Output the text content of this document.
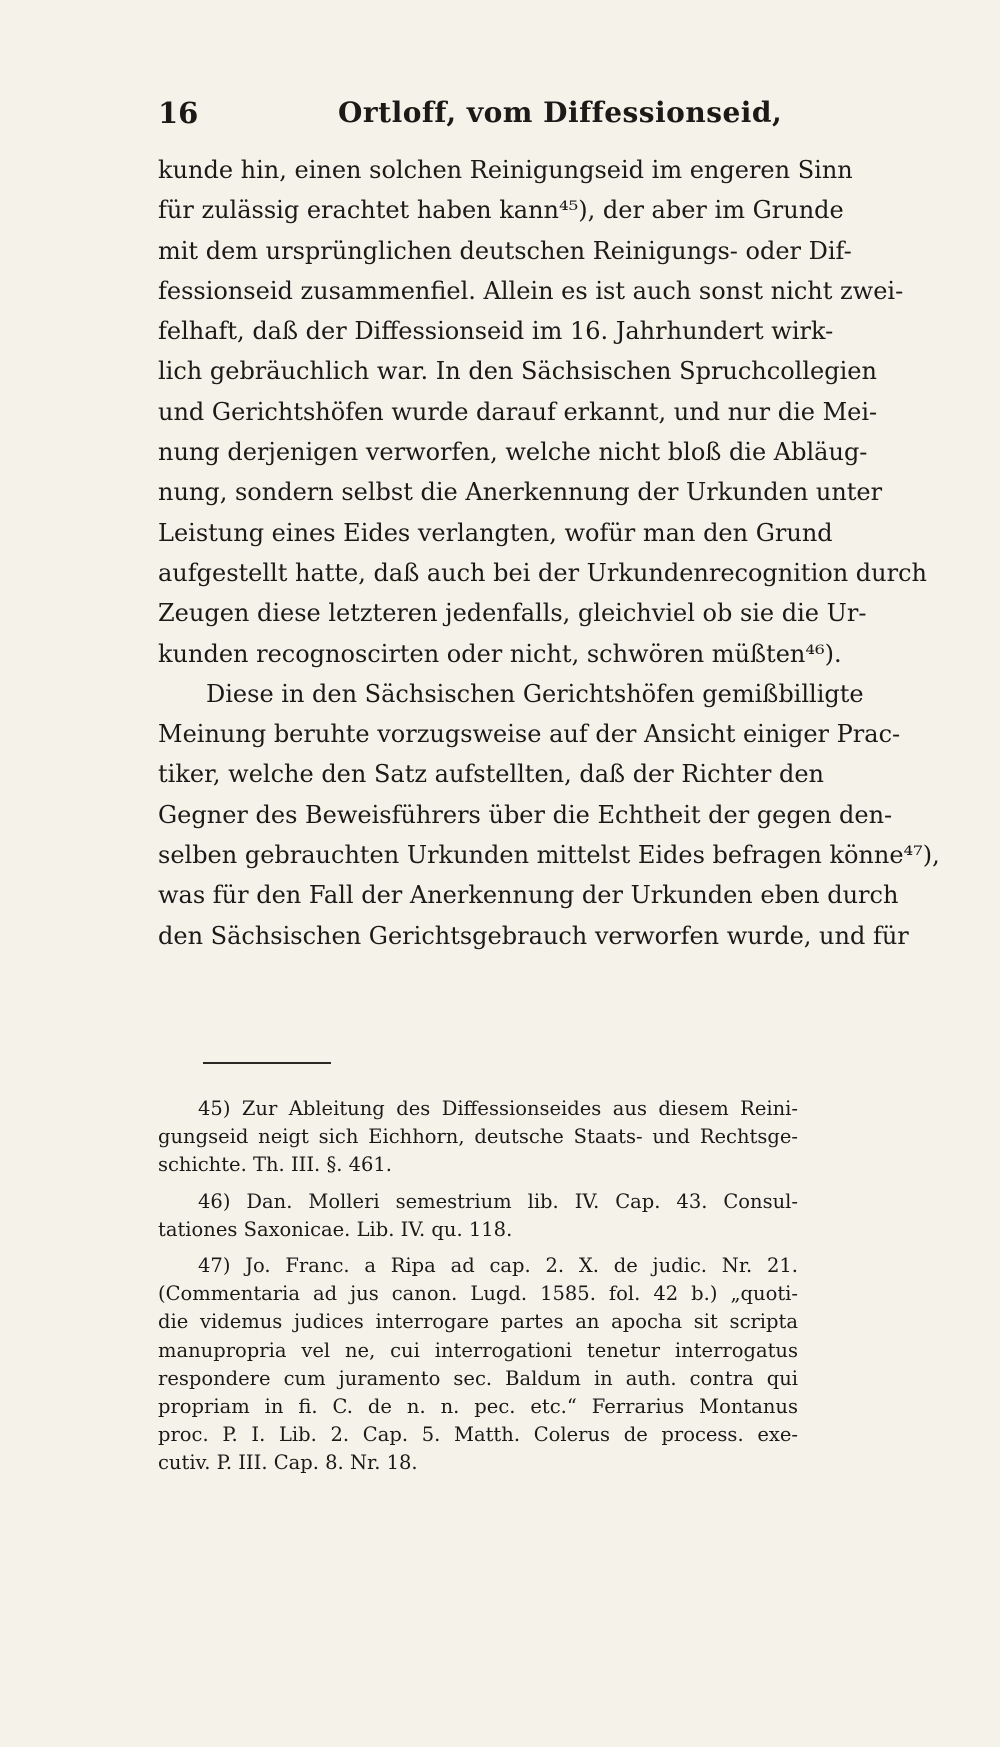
16	Ortloff, vom Diffessionseid,
kunde hin, einen solchen Reinigungseid im engeren Sinn
für zulässig erachtet haben kann⁴⁵), der aber im Grunde
mit dem ursprünglichen deutschen Reinigungs- oder Dif-
fessionseid zusammenfiel. Allein es ist auch sonst nicht zwei-
felhaft, daß der Diffessionseid im 16. Jahrhundert wirk-
lich gebräuchlich war. In den Sächsischen Spruchcollegien
und Gerichtshöfen wurde darauf erkannt, und nur die Mei-
nung derjenigen verworfen, welche nicht bloß die Abläug-
nung, sondern selbst die Anerkennung der Urkunden unter
Leistung eines Eides verlangten, wofür man den Grund
aufgestellt hatte, daß auch bei der Urkundenrecognition durch
Zeugen diese letzteren jedenfalls, gleichviel ob sie die Ur-
kunden recognoscirten oder nicht, schwören müßten⁴⁶).
Diese in den Sächsischen Gerichtshöfen gemißbilligte
Meinung beruhte vorzugsweise auf der Ansicht einiger Prac-
tiker, welche den Satz aufstellten, daß der Richter den
Gegner des Beweisführers über die Echtheit der gegen den-
selben gebrauchten Urkunden mittelst Eides befragen könne⁴⁷),
was für den Fall der Anerkennung der Urkunden eben durch
den Sächsischen Gerichtsgebrauch verworfen wurde, und für
45) Zur Ableitung des Diffessionseides aus diesem Reini-
gungseid neigt sich Eichhorn, deutsche Staats- und Rechtsge-
schichte. Th. III. §. 461.
46) Dan. Molleri semestrium lib. IV. Cap. 43. Consul-
tationes Saxonicae. Lib. IV. qu. 118.
47) Jo. Franc. a Ripa ad cap. 2. X. de judic. Nr. 21.
(Commentaria ad jus canon. Lugd. 1585. fol. 42 b.) „quoti-
die videmus judices interrogare partes an apocha sit scripta
manupropria vel ne, cui interrogationi tenetur interrogatus
respondere cum juramento sec. Baldum in auth. contra qui
propriam in fi. C. de n. n. pec. etc.“ Ferrarius Montanus
proc. P. I. Lib. 2. Cap. 5. Matth. Colerus de process. exe-
cutiv. P. III. Cap. 8. Nr. 18.
